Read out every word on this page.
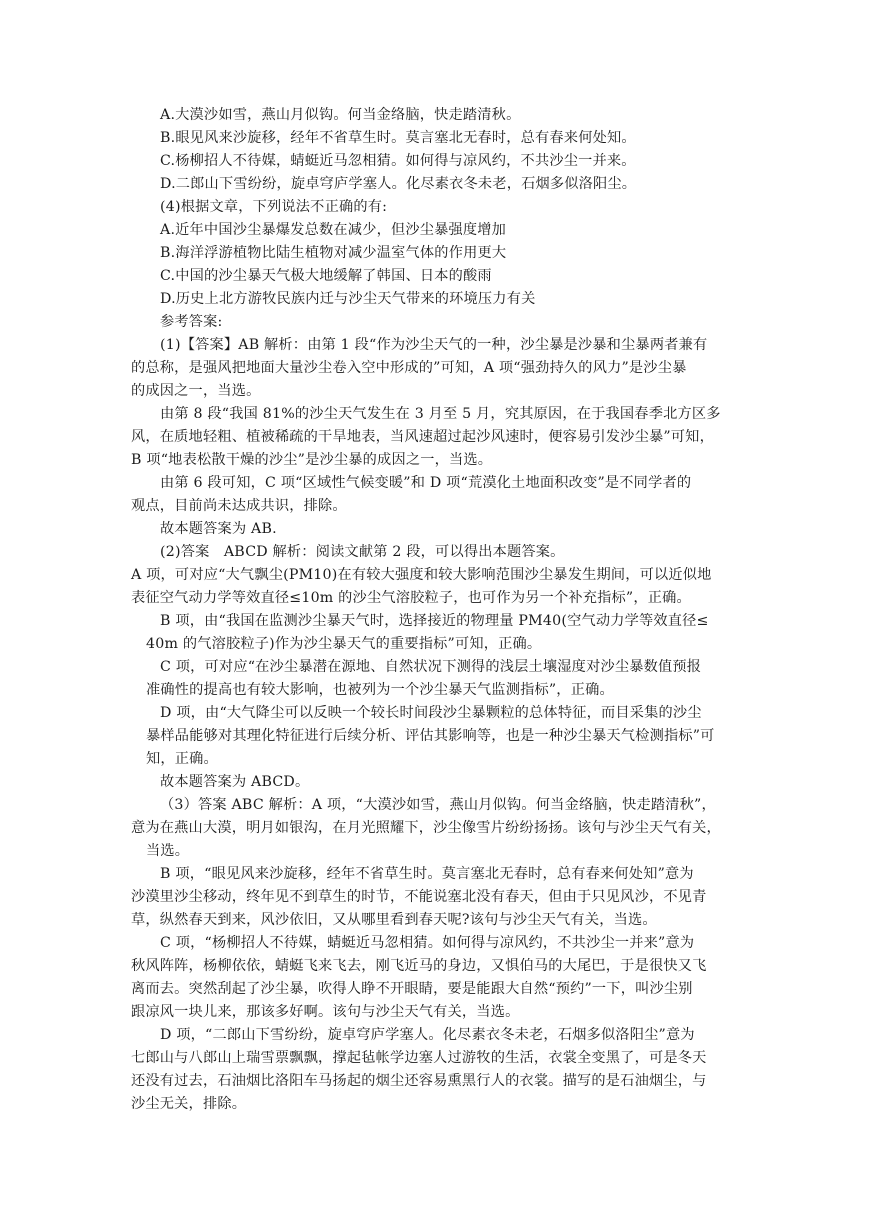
A.大漠沙如雪，燕山月似钩。何当金络脑，快走踏清秋。
B.眼见风来沙旋移，经年不省草生时。莫言塞北无春时，总有春来何处知。
C.杨柳招人不待媒，蜻蜓近马忽相猜。如何得与凉风约，不共沙尘一并来。
D.二郎山下雪纷纷，旋卓穹庐学塞人。化尽素衣冬未老，石烟多似洛阳尘。
(4)根据文章，下列说法不正确的有:
A.近年中国沙尘暴爆发总数在减少，但沙尘暴强度增加
B.海洋浮游植物比陆生植物对减少温室气体的作用更大
C.中国的沙尘暴天气极大地缓解了韩国、日本的酸雨
D.历史上北方游牧民族内迁与沙尘天气带来的环境压力有关
参考答案:
(1)【答案】AB 解析：由第 1 段“作为沙尘天气的一种，沙尘暴是沙暴和尘暴两者兼有
的总称，是强风把地面大量沙尘卷入空中形成的”可知，A 项“强劲持久的风力”是沙尘暴
的成因之一，当选。
由第 8 段“我国 81%的沙尘天气发生在 3 月至 5 月，究其原因，在于我国春季北方区多
风，在质地轻粗、植被稀疏的干旱地表，当风速超过起沙风速时，便容易引发沙尘暴”可知，
B 项“地表松散干燥的沙尘”是沙尘暴的成因之一，当选。
由第 6 段可知，C 项“区域性气候变暖”和 D 项“荒漠化土地面积改变”是不同学者的
观点，目前尚未达成共识，排除。
故本题答案为 AB.
(2)答案　ABCD 解析：阅读文献第 2 段，可以得出本题答案。
A 项，可对应“大气飘尘(PM10)在有较大强度和较大影响范围沙尘暴发生期间，可以近似地
表征空气动力学等效直径≤10m 的沙尘气溶胶粒子，也可作为另一个补充指标”，正确。
B 项，由“我国在监测沙尘暴天气时，选择接近的物理量 PM40(空气动力学等效直径≤
40m 的气溶胶粒子)作为沙尘暴天气的重要指标”可知，正确。
C 项，可对应“在沙尘暴潜在源地、自然状况下测得的浅层土壤湿度对沙尘暴数值预报
准确性的提高也有较大影响，也被列为一个沙尘暴天气监测指标”，正确。
D 项，由“大气降尘可以反映一个较长时间段沙尘暴颗粒的总体特征，而目采集的沙尘
暴样品能够对其理化特征进行后续分析、评估其影响等，也是一种沙尘暴天气检测指标”可
知，正确。
故本题答案为 ABCD。
（3）答案 ABC 解析：A 项，“大漠沙如雪，燕山月似钩。何当金络脑，快走踏清秋”，
意为在燕山大漠，明月如银沟，在月光照耀下，沙尘像雪片纷纷扬扬。该句与沙尘天气有关，
当选。
B 项，“眼见风来沙旋移，经年不省草生时。莫言塞北无春时，总有春来何处知”意为
沙漠里沙尘移动，终年见不到草生的时节，不能说塞北没有春天，但由于只见风沙，不见青
草，纵然春天到来，风沙依旧，又从哪里看到春天呢?该句与沙尘天气有关，当选。
C 项，“杨柳招人不待媒，蜻蜓近马忽相猜。如何得与凉风约，不共沙尘一并来”意为
秋风阵阵，杨柳依依，蜻蜓飞来飞去，刚飞近马的身边，又惧伯马的大尾巴，于是很快又飞
离而去。突然刮起了沙尘暴，吹得人睁不开眼睛，要是能跟大自然“预约”一下，叫沙尘别
跟凉风一块儿来，那该多好啊。该句与沙尘天气有关，当选。
D 项，“二郎山下雪纷纷，旋卓穹庐学塞人。化尽素衣冬未老，石烟多似洛阳尘”意为
七郎山与八郎山上瑞雪票飘飘，撑起毡帐学边塞人过游牧的生活，衣裳全变黑了，可是冬天
还没有过去，石油烟比洛阳车马扬起的烟尘还容易熏黑行人的衣裳。描写的是石油烟尘，与
沙尘无关，排除。
